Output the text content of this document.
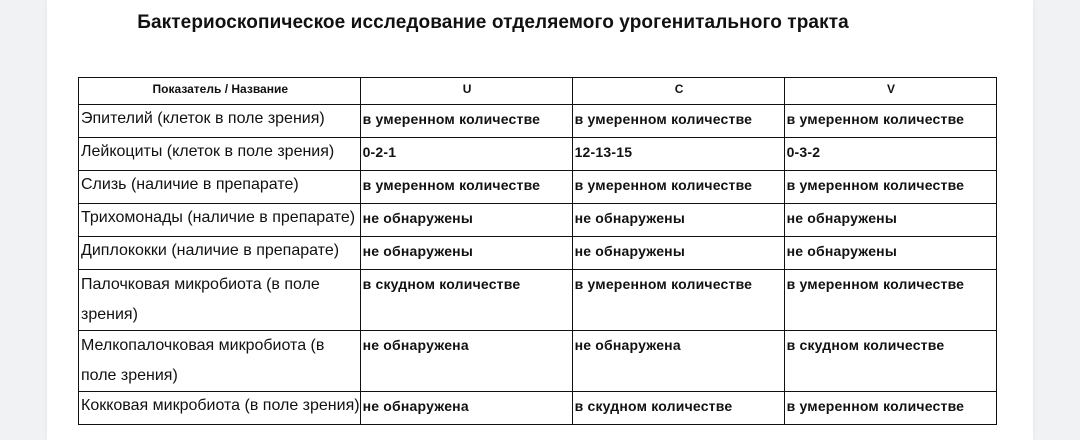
Бактериоскопическое исследование отделяемого урогенитального тракта
Показатель / Название	U	C	V
Эпителий (клеток в поле зрения)	в умеренном количестве	в умеренном количестве	в умеренном количестве
Лейкоциты (клеток в поле зрения)	0-2-1	12-13-15	0-3-2
Слизь (наличие в препарате)	в умеренном количестве	в умеренном количестве	в умеренном количестве
Трихомонады (наличие в препарате)	не обнаружены	не обнаружены	не обнаружены
Диплококки (наличие в препарате)	не обнаружены	не обнаружены	не обнаружены
Палочковая микробиота (в поле зрения)	в скудном количестве	в умеренном количестве	в умеренном количестве
Мелкопалочковая микробиота (в поле зрения)	не обнаружена	не обнаружена	в скудном количестве
Кокковая микробиота (в поле зрения)	не обнаружена	в скудном количестве	в умеренном количестве
